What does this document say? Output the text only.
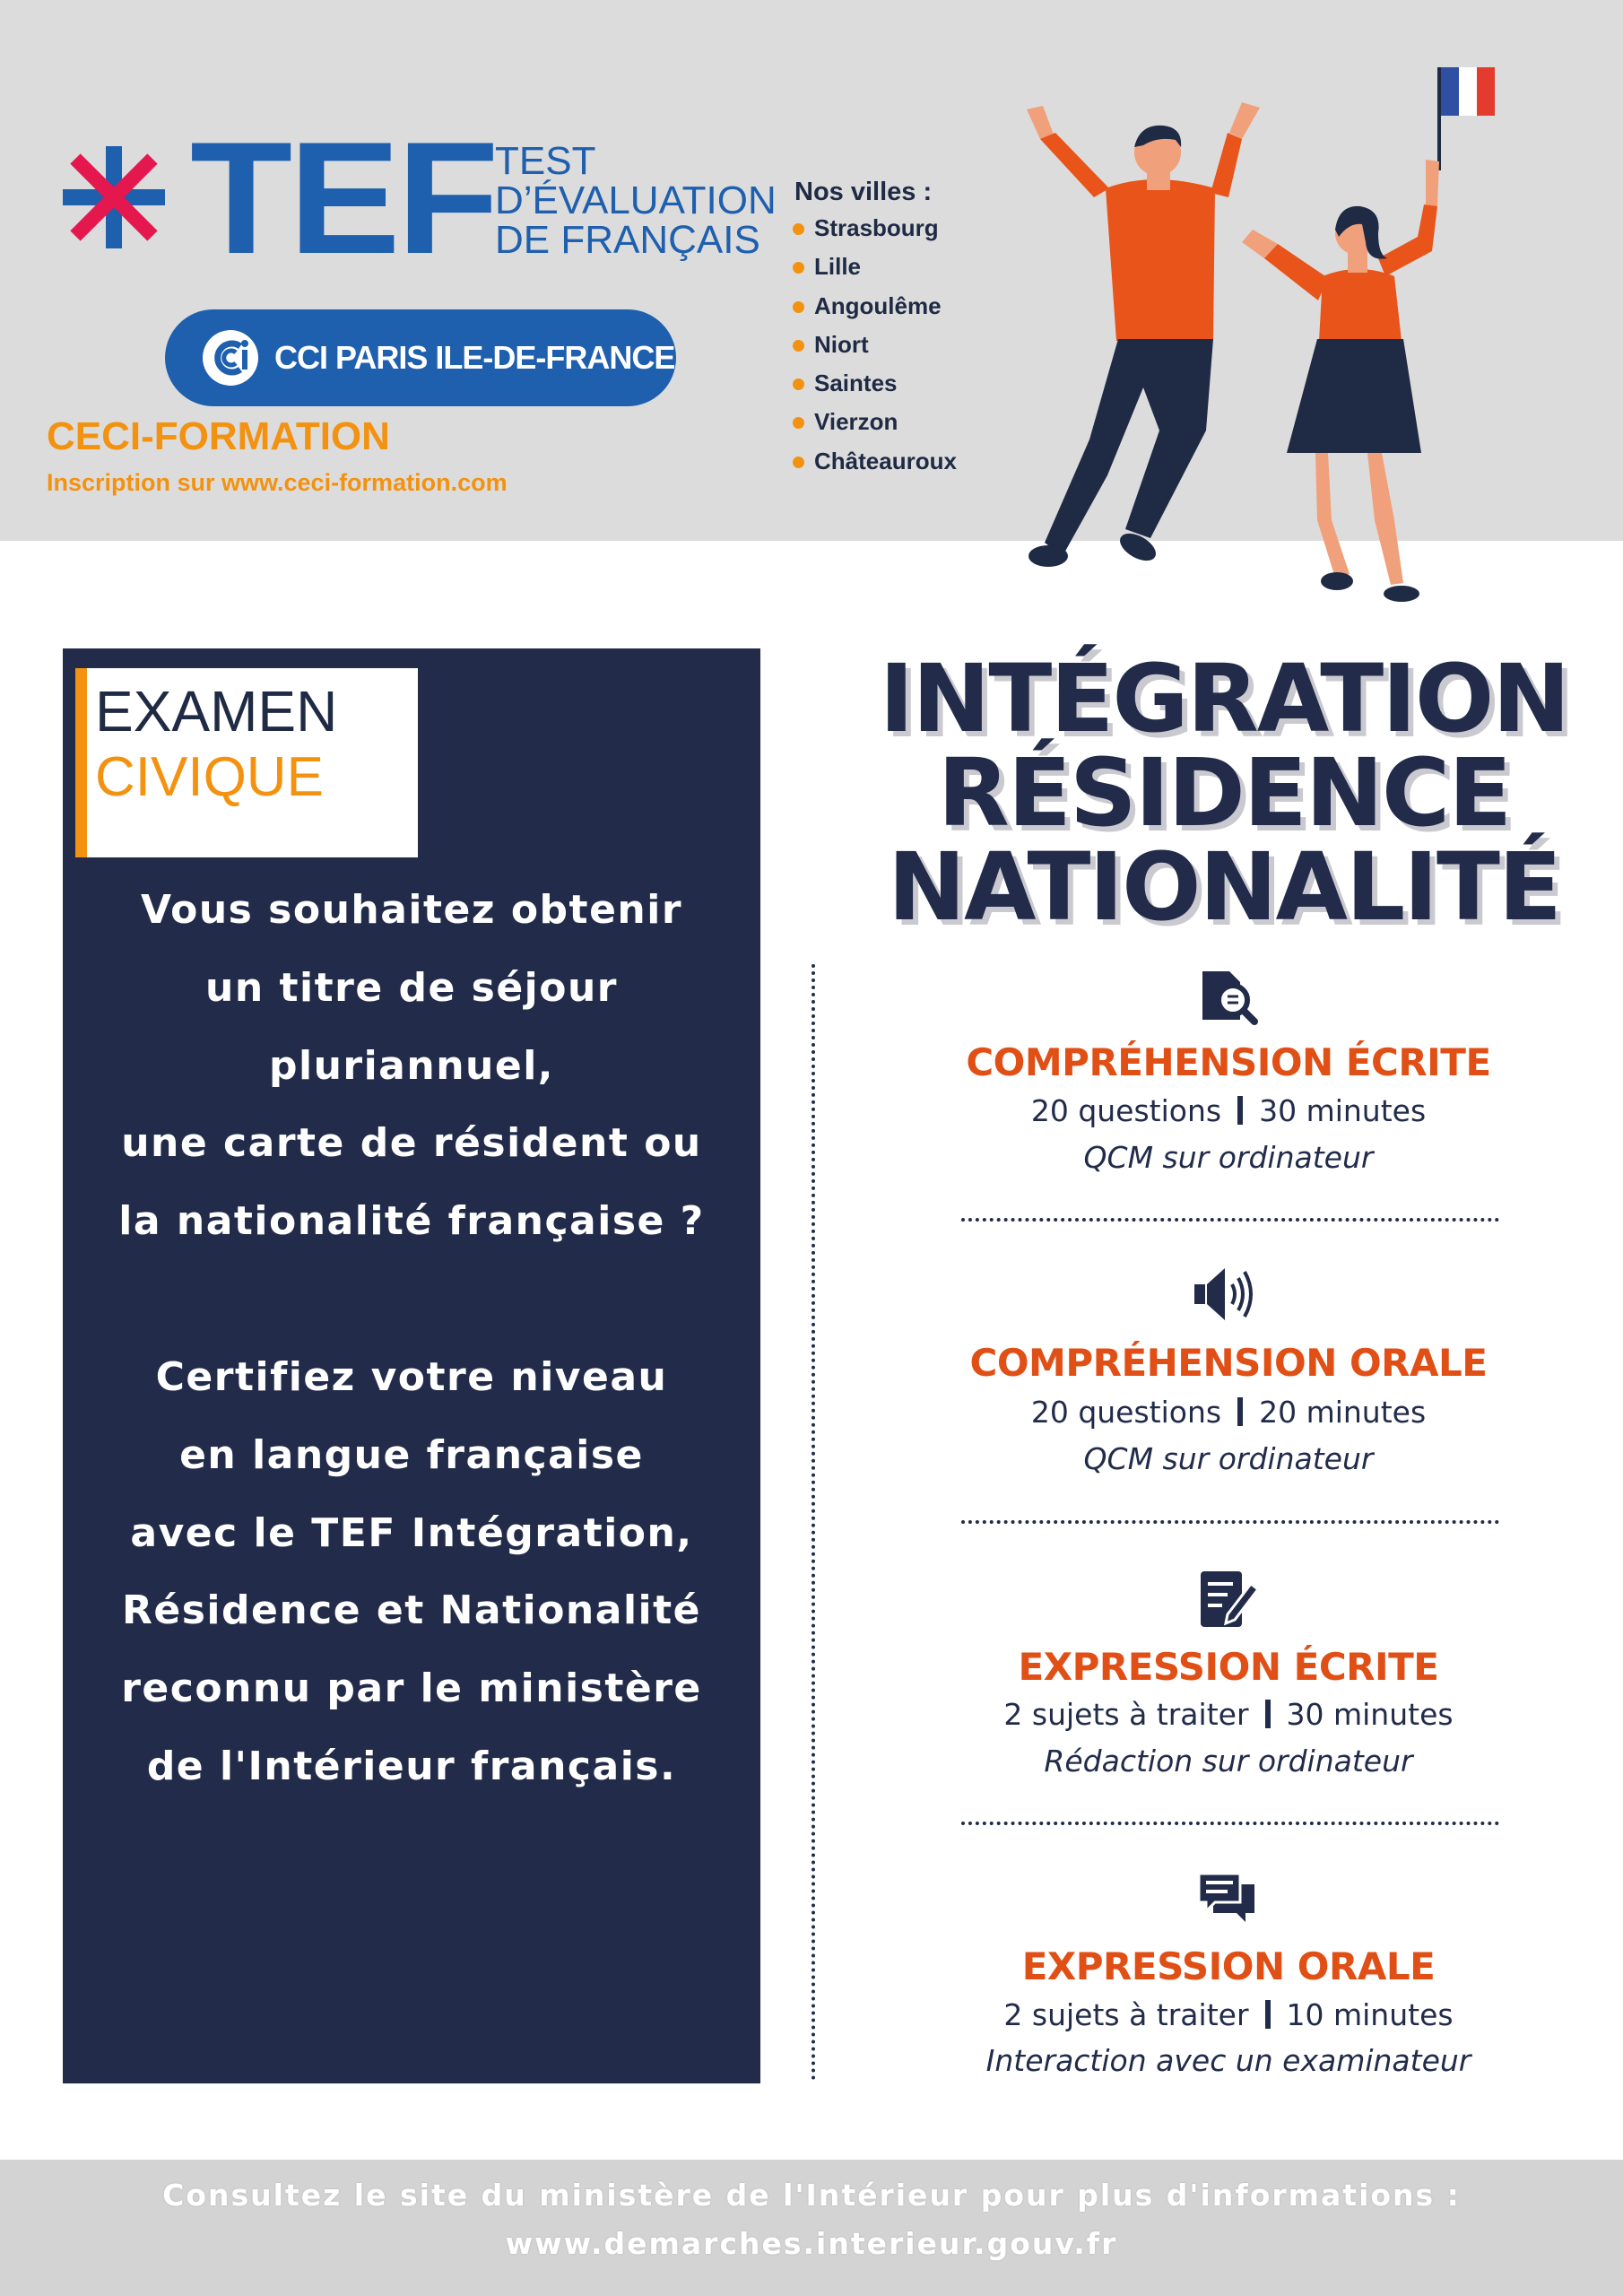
TEF TEST
D’ÉVALUATION
DE FRANÇAIS
CCI PARIS ILE-DE-FRANCE
CECI-FORMATION
Inscription sur www.ceci-formation.com
Nos villes :
Strasbourg
Lille
Angoulême
Niort
Saintes
Vierzon
Châteauroux
EXAMEN
CIVIQUE
Vous souhaitez obtenir
un titre de séjour
pluriannuel,
une carte de résident ou
la nationalité française ?
Certifiez votre niveau
en langue française
avec le TEF Intégration,
Résidence et Nationalité
reconnu par le ministère
de l'Intérieur français.
INTÉGRATION
RÉSIDENCE
NATIONALITÉ
COMPRÉHENSION ÉCRITE
20 questions 30 minutes
QCM sur ordinateur
COMPRÉHENSION ORALE
20 questions 20 minutes
QCM sur ordinateur
EXPRESSION ÉCRITE
2 sujets à traiter 30 minutes
Rédaction sur ordinateur
EXPRESSION ORALE
2 sujets à traiter 10 minutes
Interaction avec un examinateur
Consultez le site du ministère de l'Intérieur pour plus d'informations :
www.demarches.interieur.gouv.fr
